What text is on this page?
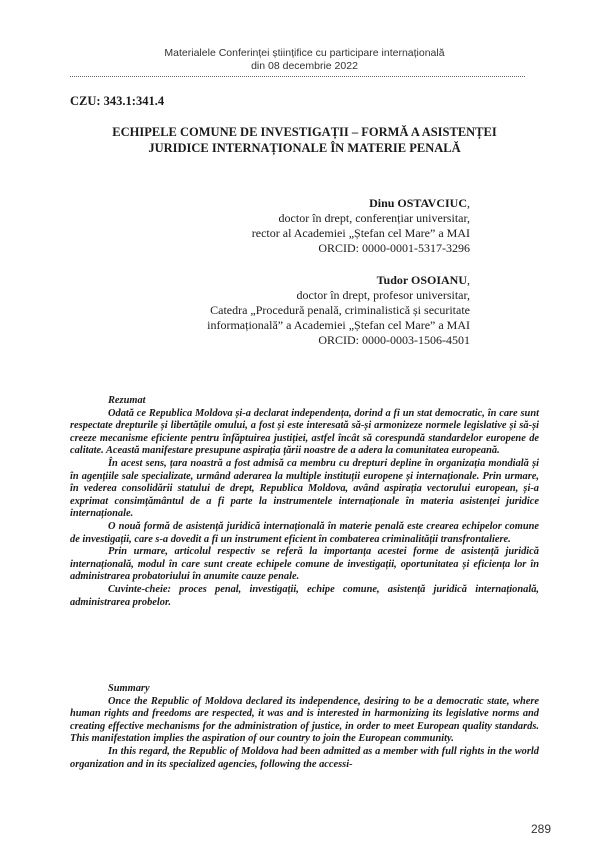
Materialele Conferinței științifice cu participare internațională
din 08 decembrie 2022
CZU: 343.1:341.4
ECHIPELE COMUNE DE INVESTIGAȚII – FORMĂ A ASISTENȚEI
JURIDICE INTERNAȚIONALE ÎN MATERIE PENALĂ
Dinu OSTAVCIUC,
doctor în drept, conferențiar universitar,
rector al Academiei „Ștefan cel Mare” a MAI
ORCID: 0000-0001-5317-3296
Tudor OSOIANU,
doctor în drept, profesor universitar,
Catedra „Procedură penală, criminalistică și securitate
informațională” a Academiei „Ștefan cel Mare” a MAI
ORCID: 0000-0003-1506-4501

Rezumat

Odată ce Republica Moldova și-a declarat independența, dorind a fi un stat democratic, în care sunt respectate drepturile și libertățile omului, a fost și este interesată să-și armonizeze normele legislative și să-și creeze mecanisme eficiente pentru înfăptuirea justiției, astfel încât să corespundă standardelor europene de calitate. Această manifestare presupune aspirația țării noastre de a adera la comunitatea europeană.

În acest sens, țara noastră a fost admisă ca membru cu drepturi depline în organizația mondială și în agențiile sale specializate, urmând aderarea la multiple instituții europene și internaționale. Prin urmare, în vederea consolidării statului de drept, Republica Moldova, având aspirația vectorului european, și-a exprimat consimțământul de a fi parte la instrumentele internaționale în materia asistenței juridice internaționale.

O nouă formă de asistență juridică internațională în materie penală este crearea echipelor comune de investigații, care s-a dovedit a fi un instrument eficient în combaterea criminalității transfrontaliere.

Prin urmare, articolul respectiv se referă la importanța acestei forme de asistență juridică internațională, modul în care sunt create echipele comune de investigații, oportunitatea și eficiența lor în administrarea probatoriului în anumite cauze penale.

Cuvinte-cheie: proces penal, investigații, echipe comune, asistență juridică internațională, administrarea probelor.

Summary

Once the Republic of Moldova declared its independence, desiring to be a democratic state, where human rights and freedoms are respected, it was and is interested in harmonizing its legislative norms and creating effective mechanisms for the administration of justice, in order to meet European quality standards. This manifestation implies the aspiration of our country to join the European community.

In this regard, the Republic of Moldova had been admitted as a member with full rights in the world organization and in its specialized agencies, following the accessi-

289
